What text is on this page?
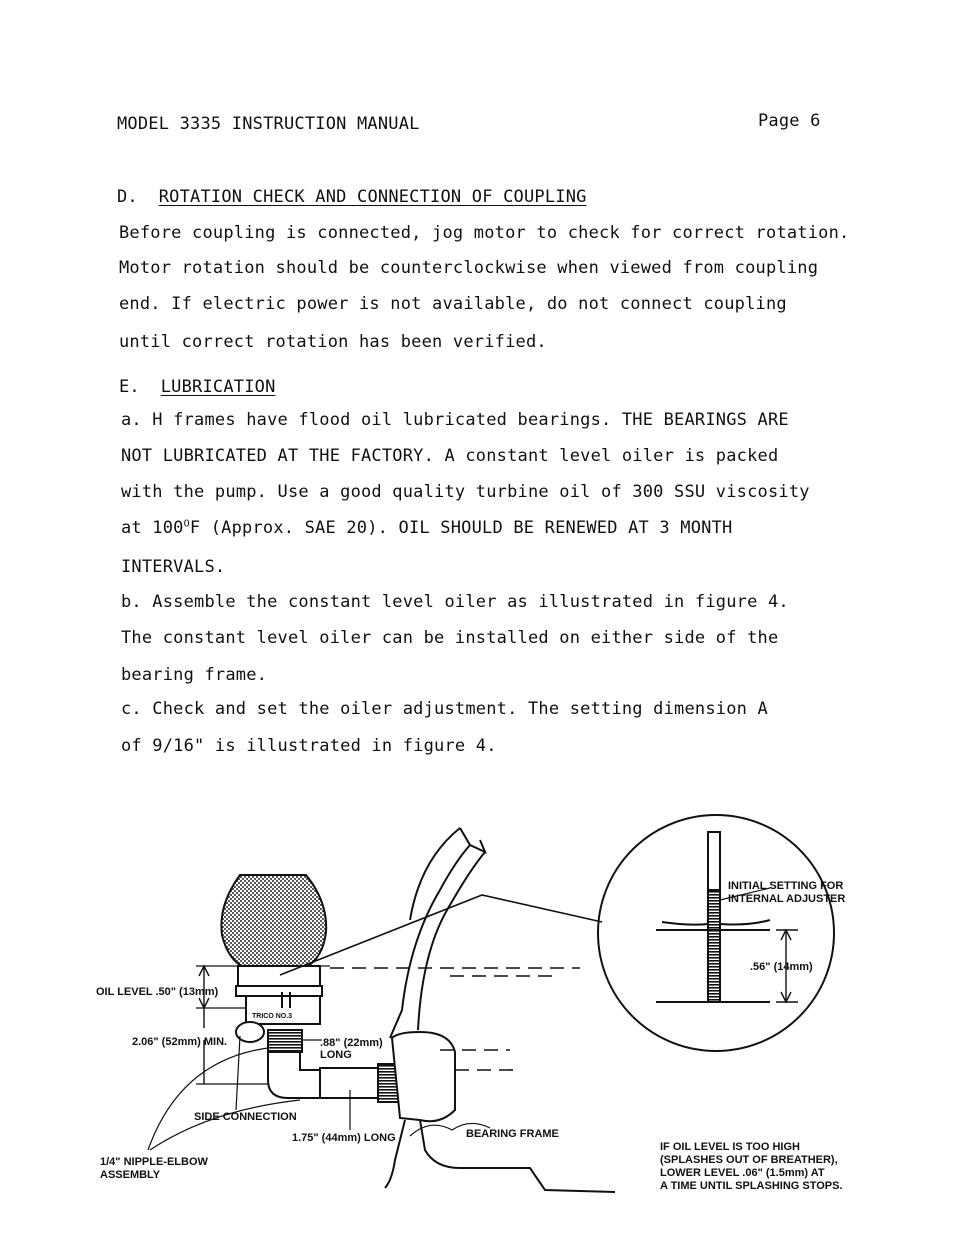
MODEL 3335 INSTRUCTION MANUAL	Page 6
D. ROTATION CHECK AND CONNECTION OF COUPLING
Before coupling is connected, jog motor to check for correct rotation.
Motor rotation should be counterclockwise when viewed from coupling
end. If electric power is not available, do not connect coupling
until correct rotation has been verified.
E. LUBRICATION
a. H frames have flood oil lubricated bearings. THE BEARINGS ARE
NOT LUBRICATED AT THE FACTORY. A constant level oiler is packed
with the pump. Use a good quality turbine oil of 300 SSU viscosity
at $100^OF$ (Approx. SAE 20). OIL SHOULD BE RENEWED AT 3 MONTH
INTERVALS.
b. Assemble the constant level oiler as illustrated in figure 4.
The constant level oiler can be installed on either side of the
bearing frame.
c. Check and set the oiler adjustment. The setting dimension A
of 9/16" is illustrated in figure 4.
OIL LEVEL .50" (13mm)
2.06" (52mm) MIN.	.88" (22mm)
LONG
SIDE CONNECTION
1.75" (44mm) LONG
1/4" NIPPLE-ELBOW
ASSEMBLY
BEARING FRAME
INITIAL SETTING FOR
INTERNAL ADJUSTER
.56" (14mm)
TRICO NO.3
IF OIL LEVEL IS TOO HIGH
(SPLASHES OUT OF BREATHER),
LOWER LEVEL .06" (1.5mm) AT
A TIME UNTIL SPLASHING STOPS.
